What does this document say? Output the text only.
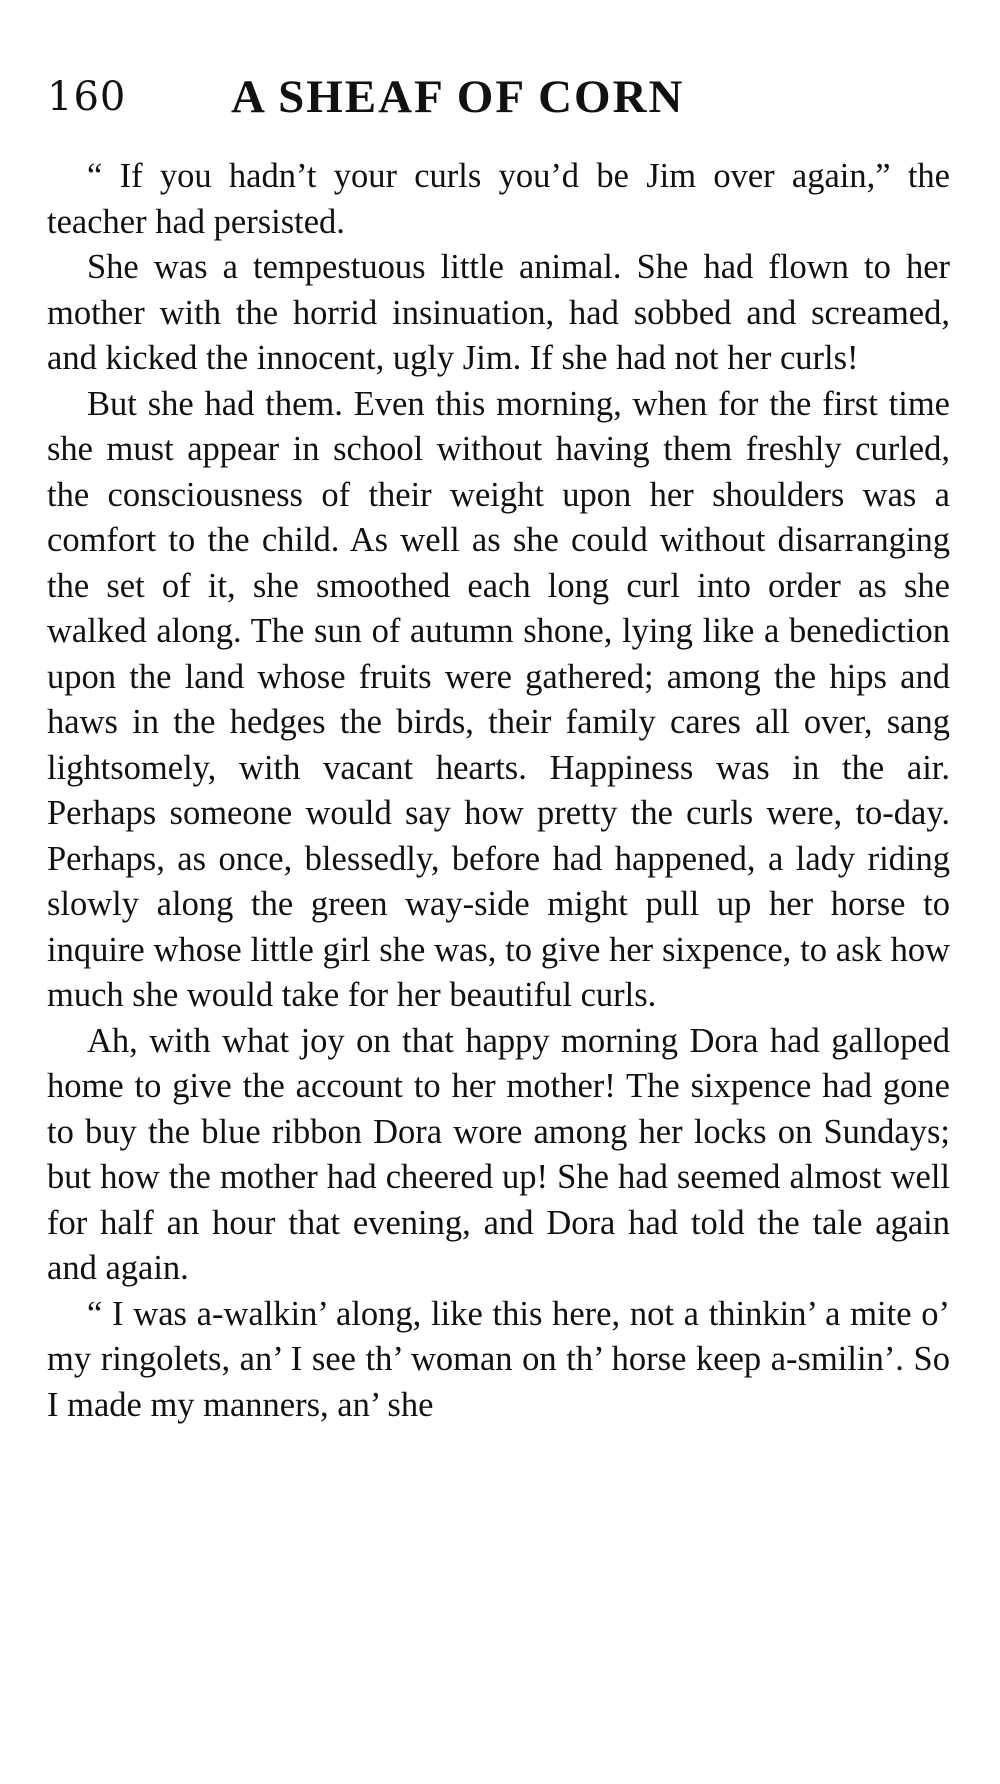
160 A SHEAF OF CORN

“ If you hadn’t your curls you’d be Jim over again,” the teacher had persisted.

She was a tempestuous little animal. She had flown to her mother with the horrid insinuation, had sobbed and screamed, and kicked the innocent, ugly Jim. If she had not her curls!

But she had them. Even this morning, when for the first time she must appear in school without having them freshly curled, the consciousness of their weight upon her shoulders was a comfort to the child. As well as she could without disarranging the set of it, she smoothed each long curl into order as she walked along. The sun of autumn shone, lying like a benediction upon the land whose fruits were gathered; among the hips and haws in the hedges the birds, their family cares all over, sang lightsomely, with vacant hearts. Happiness was in the air. Perhaps someone would say how pretty the curls were, to-day. Perhaps, as once, blessedly, before had happened, a lady riding slowly along the green way-side might pull up her horse to inquire whose little girl she was, to give her sixpence, to ask how much she would take for her beautiful curls.

Ah, with what joy on that happy morning Dora had galloped home to give the account to her mother! The sixpence had gone to buy the blue ribbon Dora wore among her locks on Sundays; but how the mother had cheered up! She had seemed almost well for half an hour that evening, and Dora had told the tale again and again.

“ I was a-walkin’ along, like this here, not a thinkin’ a mite o’ my ringolets, an’ I see th’ woman on th’ horse keep a-smilin’. So I made my manners, an’ she
